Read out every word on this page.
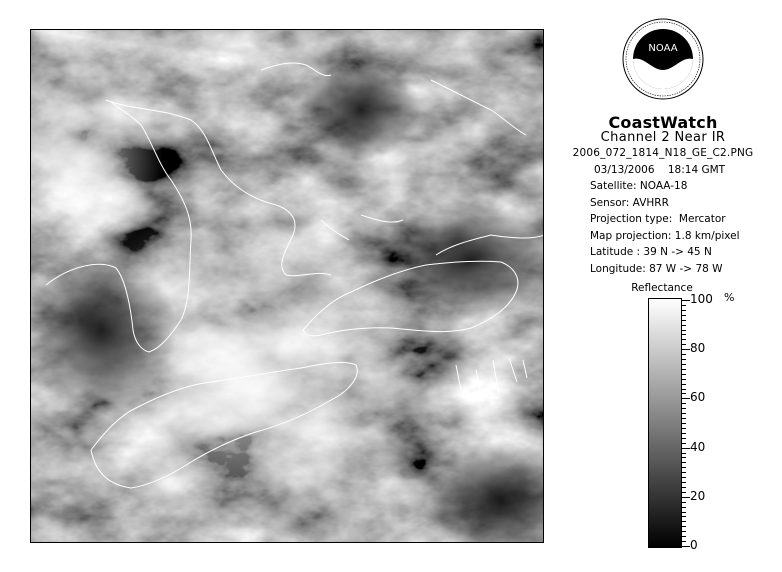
NOAA
CoastWatch
Channel 2 Near IR
2006_072_1814_N18_GE_C2.PNG
03/13/2006    18:14 GMT
Satellite: NOAA-18
Sensor: AVHRR
Projection type:  Mercator
Map projection: 1.8 km/pixel
Latitude : 39 N -> 45 N
Longitude: 87 W -> 78 W
Reflectance
%
100
80
60
40
20
0
